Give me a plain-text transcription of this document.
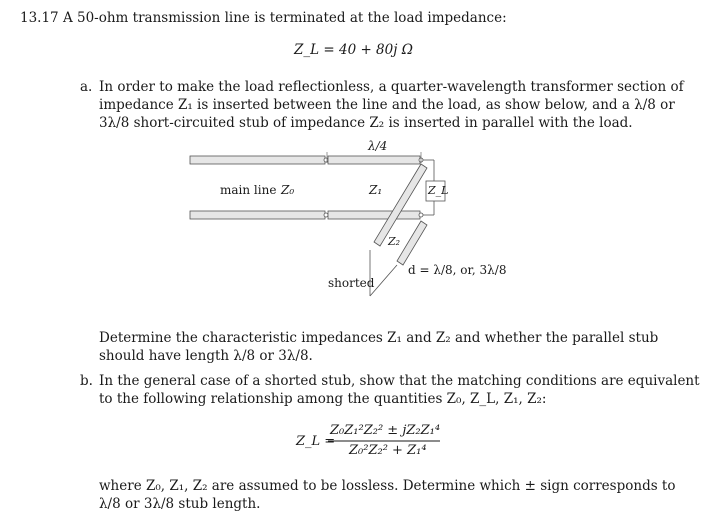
13.17 A 50-ohm transmission line is terminated at the load impedance:
Z_L = 40 + 80j Ω
a. In order to make the load reflectionless, a quarter-wavelength transformer section of
impedance Z₁ is inserted between the line and the load, as show below, and a λ/8 or
3λ/8 short-circuited stub of impedance Z₂ is inserted in parallel with the load.
λ/4
main line Z₀	Z₁	Z_L
Z₂
d = λ/8, or, 3λ/8
shorted
Determine the characteristic impedances Z₁ and Z₂ and whether the parallel stub
should have length λ/8 or 3λ/8.
b. In the general case of a shorted stub, show that the matching conditions are equivalent
to the following relationship among the quantities Z₀, Z_L, Z₁, Z₂:
Z_L =
Z₀Z₁²Z₂² ± jZ₂Z₁⁴
Z₀²Z₂² + Z₁⁴
where Z₀, Z₁, Z₂ are assumed to be lossless. Determine which ± sign corresponds to
λ/8 or 3λ/8 stub length.
